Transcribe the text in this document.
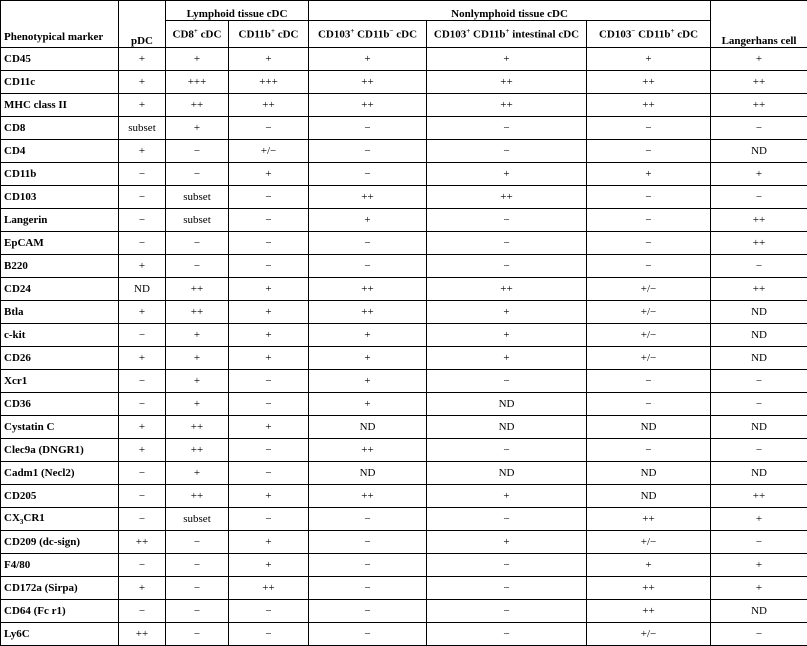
Phenotypical marker	pDC	Lymphoid tissue cDC		Nonlymphoid tissue cDC			Langerhans cell
		CD8+ cDC	CD11b+ cDC	CD103+ CD11b− cDC	CD103+ CD11b+ intestinal cDC	CD103− CD11b+ cDC	
CD45	+	+	+	+	+	+	+
CD11c	+	+++	+++	++	++	++	++
MHC class II	+	++	++	++	++	++	++
CD8	subset	+	−	−	−	−	−
CD4	+	−	+/−	−	−	−	ND
CD11b	−	−	+	−	+	+	+
CD103	−	subset	−	++	++	−	−
Langerin	−	subset	−	+	−	−	++
EpCAM	−	−	−	−	−	−	++
B220	+	−	−	−	−	−	−
CD24	ND	++	+	++	++	+/−	++
Btla	+	++	+	++	+	+/−	ND
c-kit	−	+	+	+	+	+/−	ND
CD26	+	+	+	+	+	+/−	ND
Xcr1	−	+	−	+	−	−	−
CD36	−	+	−	+	ND	−	−
Cystatin C	+	++	+	ND	ND	ND	ND
Clec9a (DNGR1)	+	++	−	++	−	−	−
Cadm1 (Necl2)	−	+	−	ND	ND	ND	ND
CD205	−	++	+	++	+	ND	++
$CX_3CR1$	−	subset	−	−	−	++	+
CD209 (dc-sign)	++	−	+	−	+	+/−	−
F4/80	−	−	+	−	−	+	+
CD172a (Sirpa)	+	−	++	−	−	++	+
CD64 (Fc r1)	−	−	−	−	−	++	ND
Ly6C	++	−	−	−	−	+/−	−
